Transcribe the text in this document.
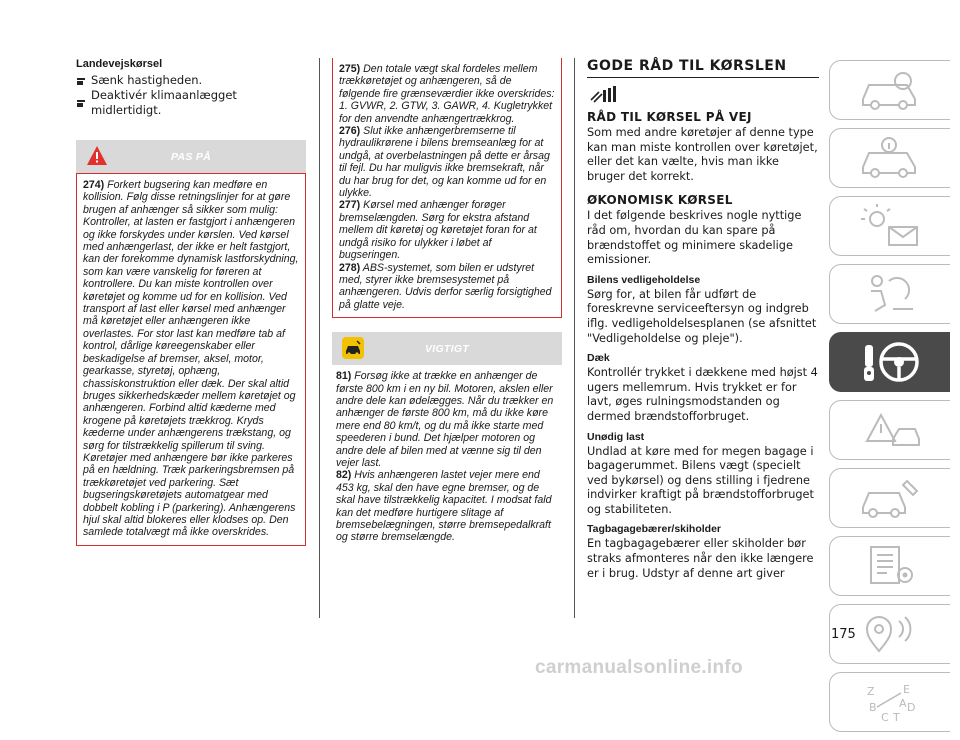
Landevejskørsel
Sænk hastigheden.
Deaktivér klimaanlægget midlertidigt.
PAS PÅ

274) Forkert bugsering kan medføre en kollision. Følg disse retningslinjer for at gøre brugen af anhænger så sikker som mulig: Kontroller, at lasten er fastgjort i anhængeren og ikke forskydes under kørslen. Ved kørsel med anhængerlast, der ikke er helt fastgjort, kan der forekomme dynamisk lastforskydning, som kan være vanskelig for føreren at kontrollere. Du kan miste kontrollen over køretøjet og komme ud for en kollision. Ved transport af last eller kørsel med anhænger må køretøjet eller anhængeren ikke overlastes. For stor last kan medføre tab af kontrol, dårlige køreegenskaber eller beskadigelse af bremser, aksel, motor, gearkasse, styretøj, ophæng, chassiskonstruktion eller dæk. Der skal altid bruges sikkerhedskæder mellem køretøjet og anhængeren. Forbind altid kæderne med krogene på køretøjets trækkrog. Kryds kæderne under anhængerens trækstang, og sørg for tilstrækkelig spillerum til sving. Køretøjer med anhængere bør ikke parkeres på en hældning. Træk parkeringsbremsen på trækkøretøjet ved parkering. Sæt bugseringskøretøjets automatgear med dobbelt kobling i P (parkering). Anhængerens hjul skal altid blokeres eller klodses op. Den samlede totalvægt må ikke overskrides.

275) Den totale vægt skal fordeles mellem trækkøretøjet og anhængeren, så de følgende fire grænseværdier ikke overskrides: 1. GVWR, 2. GTW, 3. GAWR, 4. Kugletrykket for den anvendte anhængertrækkrog.

276) Slut ikke anhængerbremserne til hydraulikrørene i bilens bremseanlæg for at undgå, at overbelastningen på dette er årsag til fejl. Du har muligvis ikke bremsekraft, når du har brug for det, og kan komme ud for en ulykke.

277) Kørsel med anhænger forøger bremselængden. Sørg for ekstra afstand mellem dit køretøj og køretøjet foran for at undgå risiko for ulykker i løbet af bugseringen.

278) ABS-systemet, som bilen er udstyret med, styrer ikke bremsesystemet på anhængeren. Udvis derfor særlig forsigtighed på glatte veje.

VIGTIGT

81) Forsøg ikke at trække en anhænger de første 800 km i en ny bil. Motoren, akslen eller andre dele kan ødelægges. Når du trækker en anhænger de første 800 km, må du ikke køre mere end 80 km/t, og du må ikke starte med speederen i bund. Det hjælper motoren og andre dele af bilen med at vænne sig til den vejer last.

82) Hvis anhængeren lastet vejer mere end 453 kg, skal den have egne bremser, og de skal have tilstrækkelig kapacitet. I modsat fald kan det medføre hurtigere slitage af bremsebelægningen, større bremsepedalkraft og større bremselængde.

GODE RÅD TIL KØRSLEN
RÅD TIL KØRSEL PÅ VEJ
Som med andre køretøjer af denne type kan man miste kontrollen over køretøjet, eller det kan vælte, hvis man ikke bruger det korrekt.
ØKONOMISK KØRSEL
I det følgende beskrives nogle nyttige råd om, hvordan du kan spare på brændstoffet og minimere skadelige emissioner.
Bilens vedligeholdelse
Sørg for, at bilen får udført de foreskrevne serviceeftersyn og indgreb iflg. vedligeholdelsesplanen (se afsnittet "Vedligeholdelse og pleje").
Dæk
Kontrollér trykket i dækkene med højst 4 ugers mellemrum. Hvis trykket er for lavt, øges rulningsmodstanden og dermed brændstofforbruget.
Unødig last
Undlad at køre med for megen bagage i bagagerummet. Bilens vægt (specielt ved bykørsel) og dens stilling i fjedrene indvirker kraftigt på brændstofforbruget og stabiliteten.
Tagbagagebærer/skiholder
En tagbagagebærer eller skiholder bør straks afmonteres når den ikke længere er i brug. Udstyr af denne art giver
Z	E
B	D
C T
A
175
carmanualsonline.info
